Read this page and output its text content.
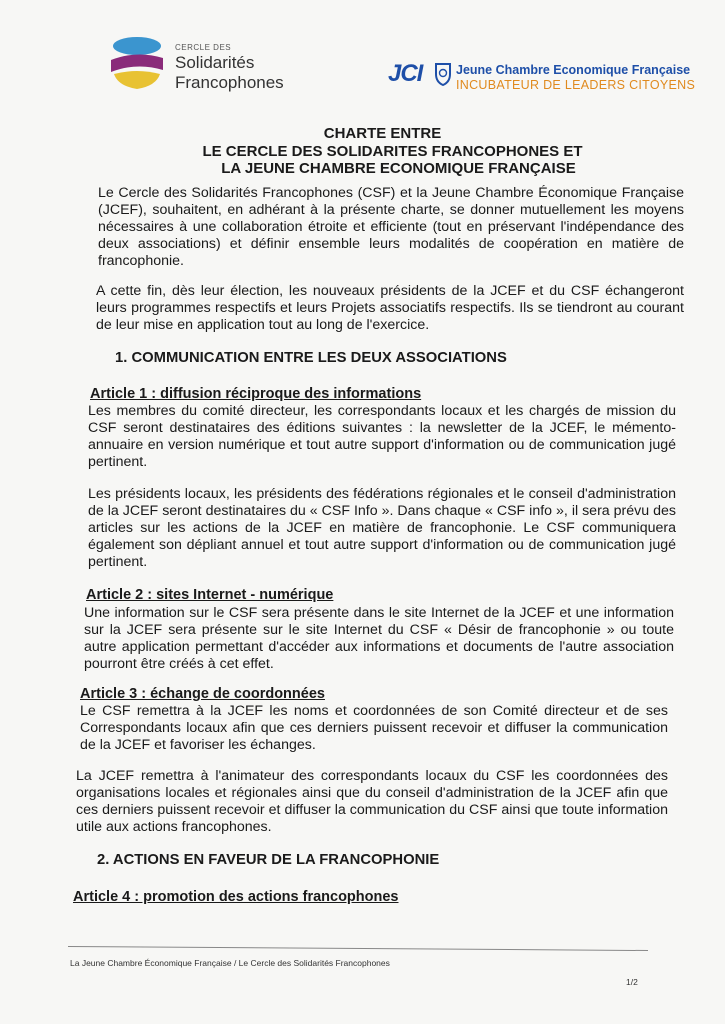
CERCLE DES
Solidarités
Francophones	JCI	Jeune Chambre Economique Française
INCUBATEUR DE LEADERS CITOYENS
CHARTE ENTRE
LE CERCLE DES SOLIDARITES FRANCOPHONES ET
LA JEUNE CHAMBRE ECONOMIQUE FRANÇAISE
Le Cercle des Solidarités Francophones (CSF) et la Jeune Chambre Économique Française (JCEF), souhaitent, en adhérant à la présente charte, se donner mutuellement les moyens nécessaires à une collaboration étroite et efficiente (tout en préservant l'indépendance des deux associations) et définir ensemble leurs modalités de coopération en matière de francophonie.
A cette fin, dès leur élection, les nouveaux présidents de la JCEF et du CSF échangeront leurs programmes respectifs et leurs Projets associatifs respectifs. Ils se tiendront au courant de leur mise en application tout au long de l'exercice.
1. COMMUNICATION ENTRE LES DEUX ASSOCIATIONS
Article 1 : diffusion réciproque des informations
Les membres du comité directeur, les correspondants locaux et les chargés de mission du CSF seront destinataires des éditions suivantes : la newsletter de la JCEF, le mémento-annuaire en version numérique et tout autre support d'information ou de communication jugé pertinent.
Les présidents locaux, les présidents des fédérations régionales et le conseil d'administration de la JCEF seront destinataires du « CSF Info ». Dans chaque « CSF info », il sera prévu des articles sur les actions de la JCEF en matière de francophonie. Le CSF communiquera également son dépliant annuel et tout autre support d'information ou de communication jugé pertinent.
Article 2 : sites Internet - numérique
Une information sur le CSF sera présente dans le site Internet de la JCEF et une information sur la JCEF sera présente sur le site Internet du CSF « Désir de francophonie » ou toute autre application permettant d'accéder aux informations et documents de l'autre association pourront être créés à cet effet.
Article 3 : échange de coordonnées
Le CSF remettra à la JCEF les noms et coordonnées de son Comité directeur et de ses Correspondants locaux afin que ces derniers puissent recevoir et diffuser la communication de la JCEF et favoriser les échanges.
La JCEF remettra à l'animateur des correspondants locaux du CSF les coordonnées des organisations locales et régionales ainsi que du conseil d'administration de la JCEF afin que ces derniers puissent recevoir et diffuser la communication du CSF ainsi que toute information utile aux actions francophones.
2. ACTIONS EN FAVEUR DE LA FRANCOPHONIE
Article 4 : promotion des actions francophones
La Jeune Chambre Économique Française / Le Cercle des Solidarités Francophones
1/2
